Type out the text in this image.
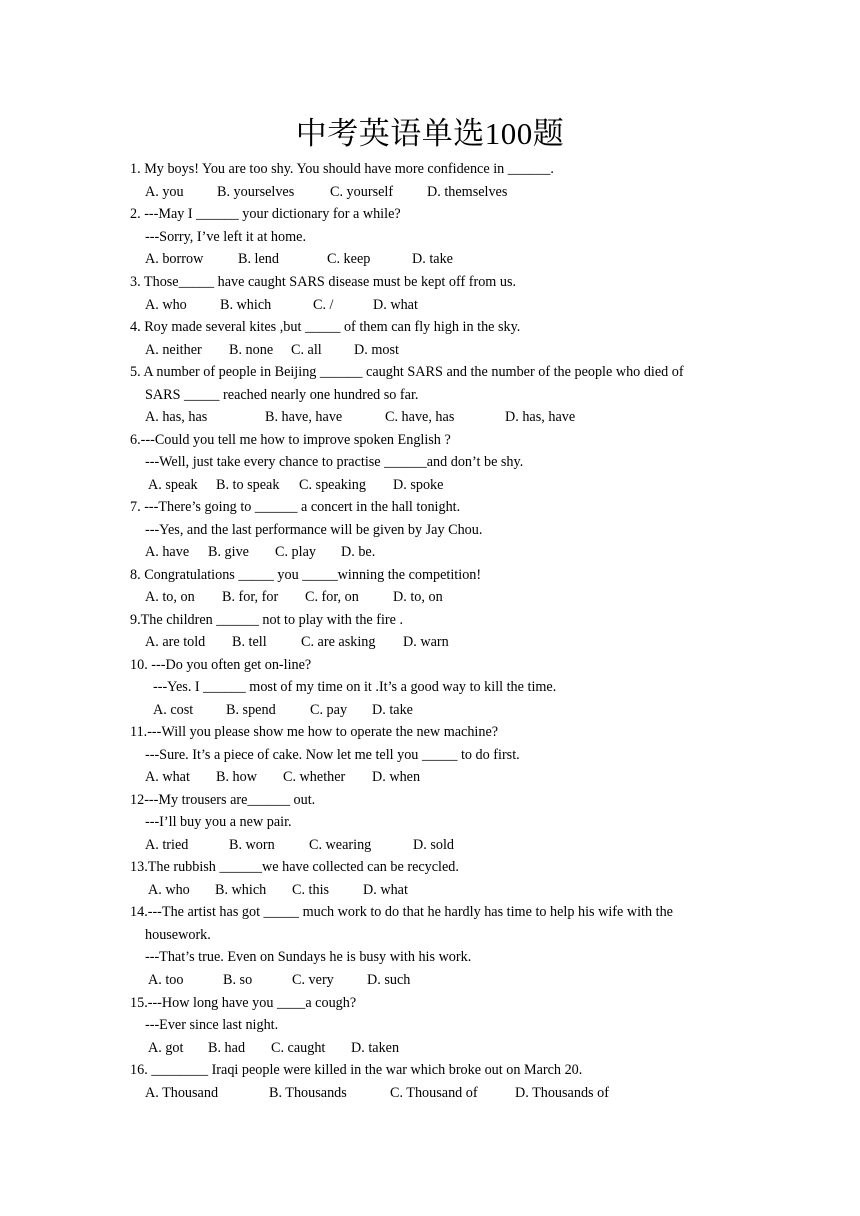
中考英语单选100题
1. My boys! You are too shy. You should have more confidence in ______.
A. you B. yourselves	C. yourself D. themselves
2. ---May I ______ your dictionary for a while?
---Sorry, I’ve left it at home.
A. borrow B. lend	C. keep	D. take
3. Those_____ have caught SARS disease must be kept off from us.
A. who B. which	C. /	D. what
4. Roy made several kites ,but _____ of them can fly high in the sky.
A. neither B. none C. all D. most
5. A number of people in Beijing ______ caught SARS and the number of the people who died of
SARS _____ reached nearly one hundred so far.
A. has, has	B. have, have	C. have, has	D. has, have
6.---Could you tell me how to improve spoken English ?
---Well, just take every chance to practise ______and don’t be shy.
A. speak B. to speak C. speaking D. spoke
7. ---There’s going to ______ a concert in the hall tonight.
---Yes, and the last performance will be given by Jay Chou.
A. have B. give C. play D. be.
8. Congratulations _____ you _____winning the competition!
A. to, on B. for, for C. for, on D. to, on
9.The children ______ not to play with the fire .
A. are told B. tell C. are asking D. warn
10. ---Do you often get on-line?
---Yes. I ______ most of my time on it .It’s a good way to kill the time.
A. cost B. spend C. pay D. take
11.---Will you please show me how to operate the new machine?
---Sure. It’s a piece of cake. Now let me tell you _____ to do first.
A. what B. how C. whether D. when
12---My trousers are______ out.
---I’ll buy you a new pair.
A. tried	B. worn C. wearing	D. sold
13.The rubbish ______we have collected can be recycled.
A. who B. which C. this D. what
14.---The artist has got _____ much work to do that he hardly has time to help his wife with the
housework.
---That’s true. Even on Sundays he is busy with his work.
A. too	B. so	C. very D. such
15.---How long have you ____a cough?
---Ever since last night.
A. got B. had C. caught D. taken
16. ________ Iraqi people were killed in the war which broke out on March 20.
A. Thousand	B. Thousands	C. Thousand of	D. Thousands of
